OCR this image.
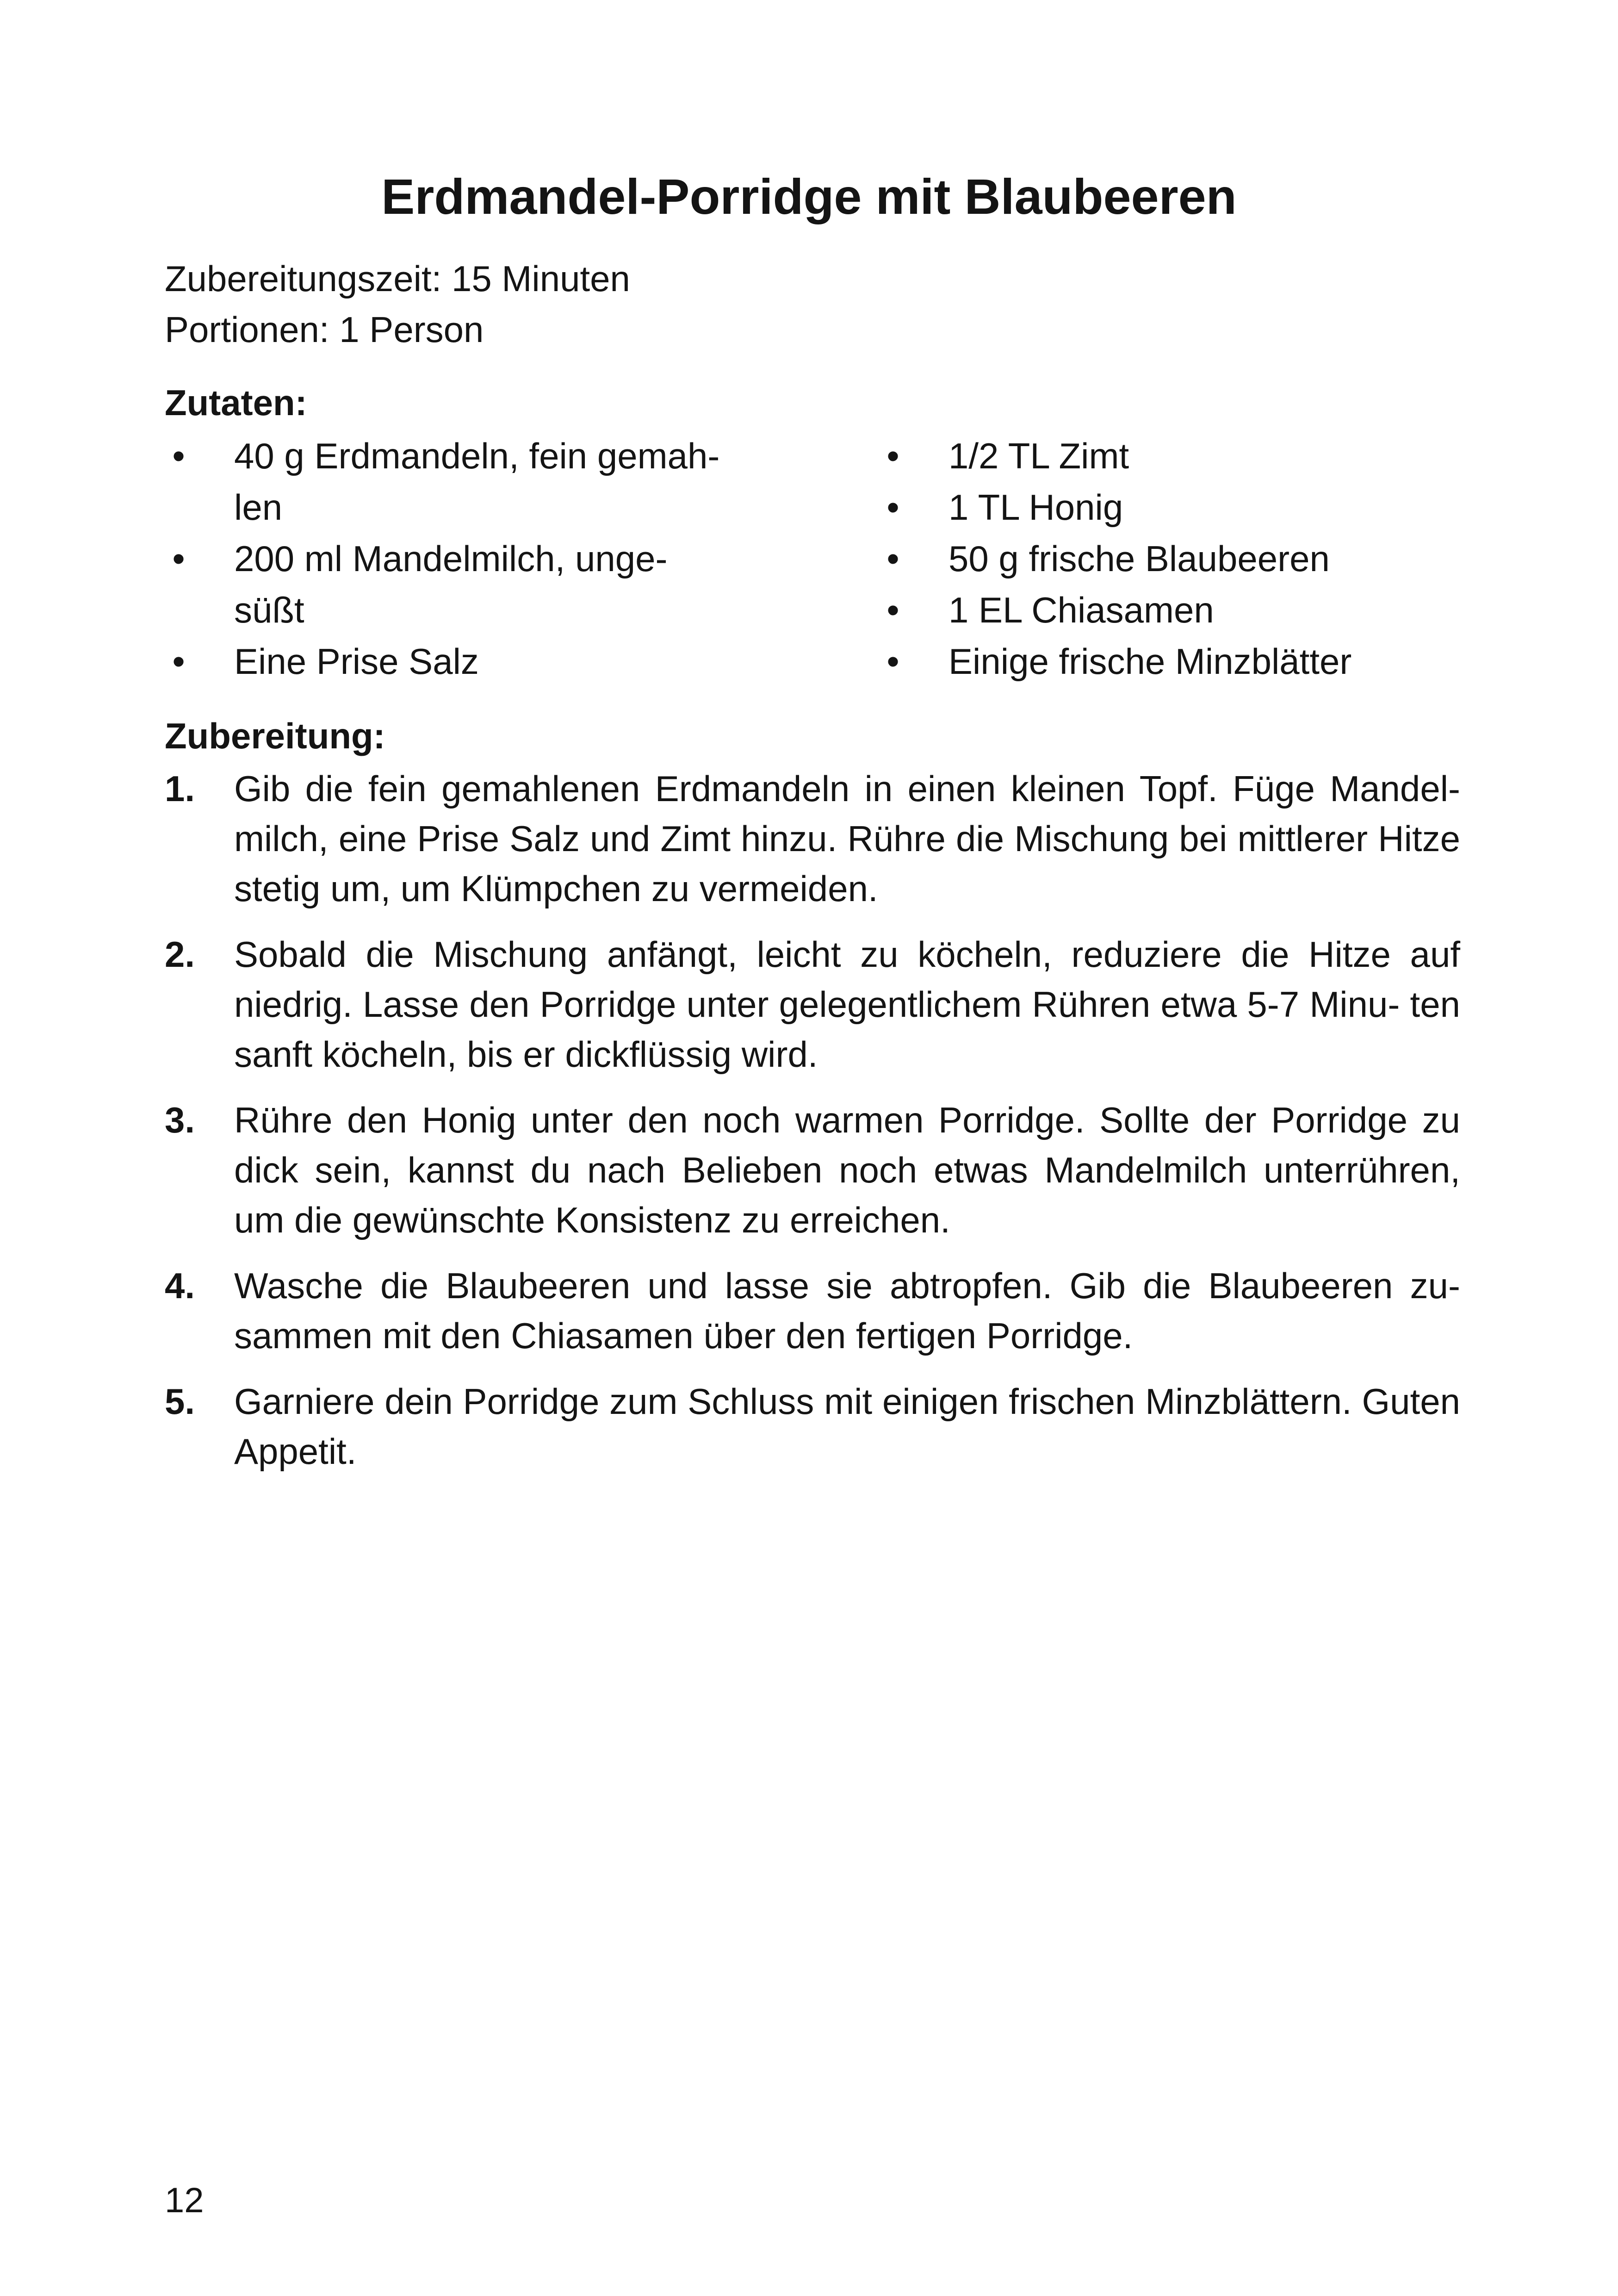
Erdmandel-Porridge mit Blaubeeren
Zubereitungszeit: 15 Minuten
Portionen: 1 Person
Zutaten:
• 40 g Erdmandeln, fein gemah- len
• 200 ml Mandelmilch, unge- süßt
• Eine Prise Salz
• 1/2 TL Zimt
• 1 TL Honig
• 50 g frische Blaubeeren
• 1 EL Chiasamen
• Einige frische Minzblätter
Zubereitung:
1. Gib die fein gemahlenen Erdmandeln in einen kleinen Topf. Füge Mandel- milch, eine Prise Salz und Zimt hinzu. Rühre die Mischung bei mittlerer Hitze stetig um, um Klümpchen zu vermeiden.
2. Sobald die Mischung anfängt, leicht zu köcheln, reduziere die Hitze auf niedrig. Lasse den Porridge unter gelegentlichem Rühren etwa 5-7 Minu- ten sanft köcheln, bis er dickflüssig wird.
3. Rühre den Honig unter den noch warmen Porridge. Sollte der Porridge zu dick sein, kannst du nach Belieben noch etwas Mandelmilch unterrühren, um die gewünschte Konsistenz zu erreichen.
4. Wasche die Blaubeeren und lasse sie abtropfen. Gib die Blaubeeren zu- sammen mit den Chiasamen über den fertigen Porridge.
5. Garniere dein Porridge zum Schluss mit einigen frischen Minzblättern. Guten Appetit.
12
